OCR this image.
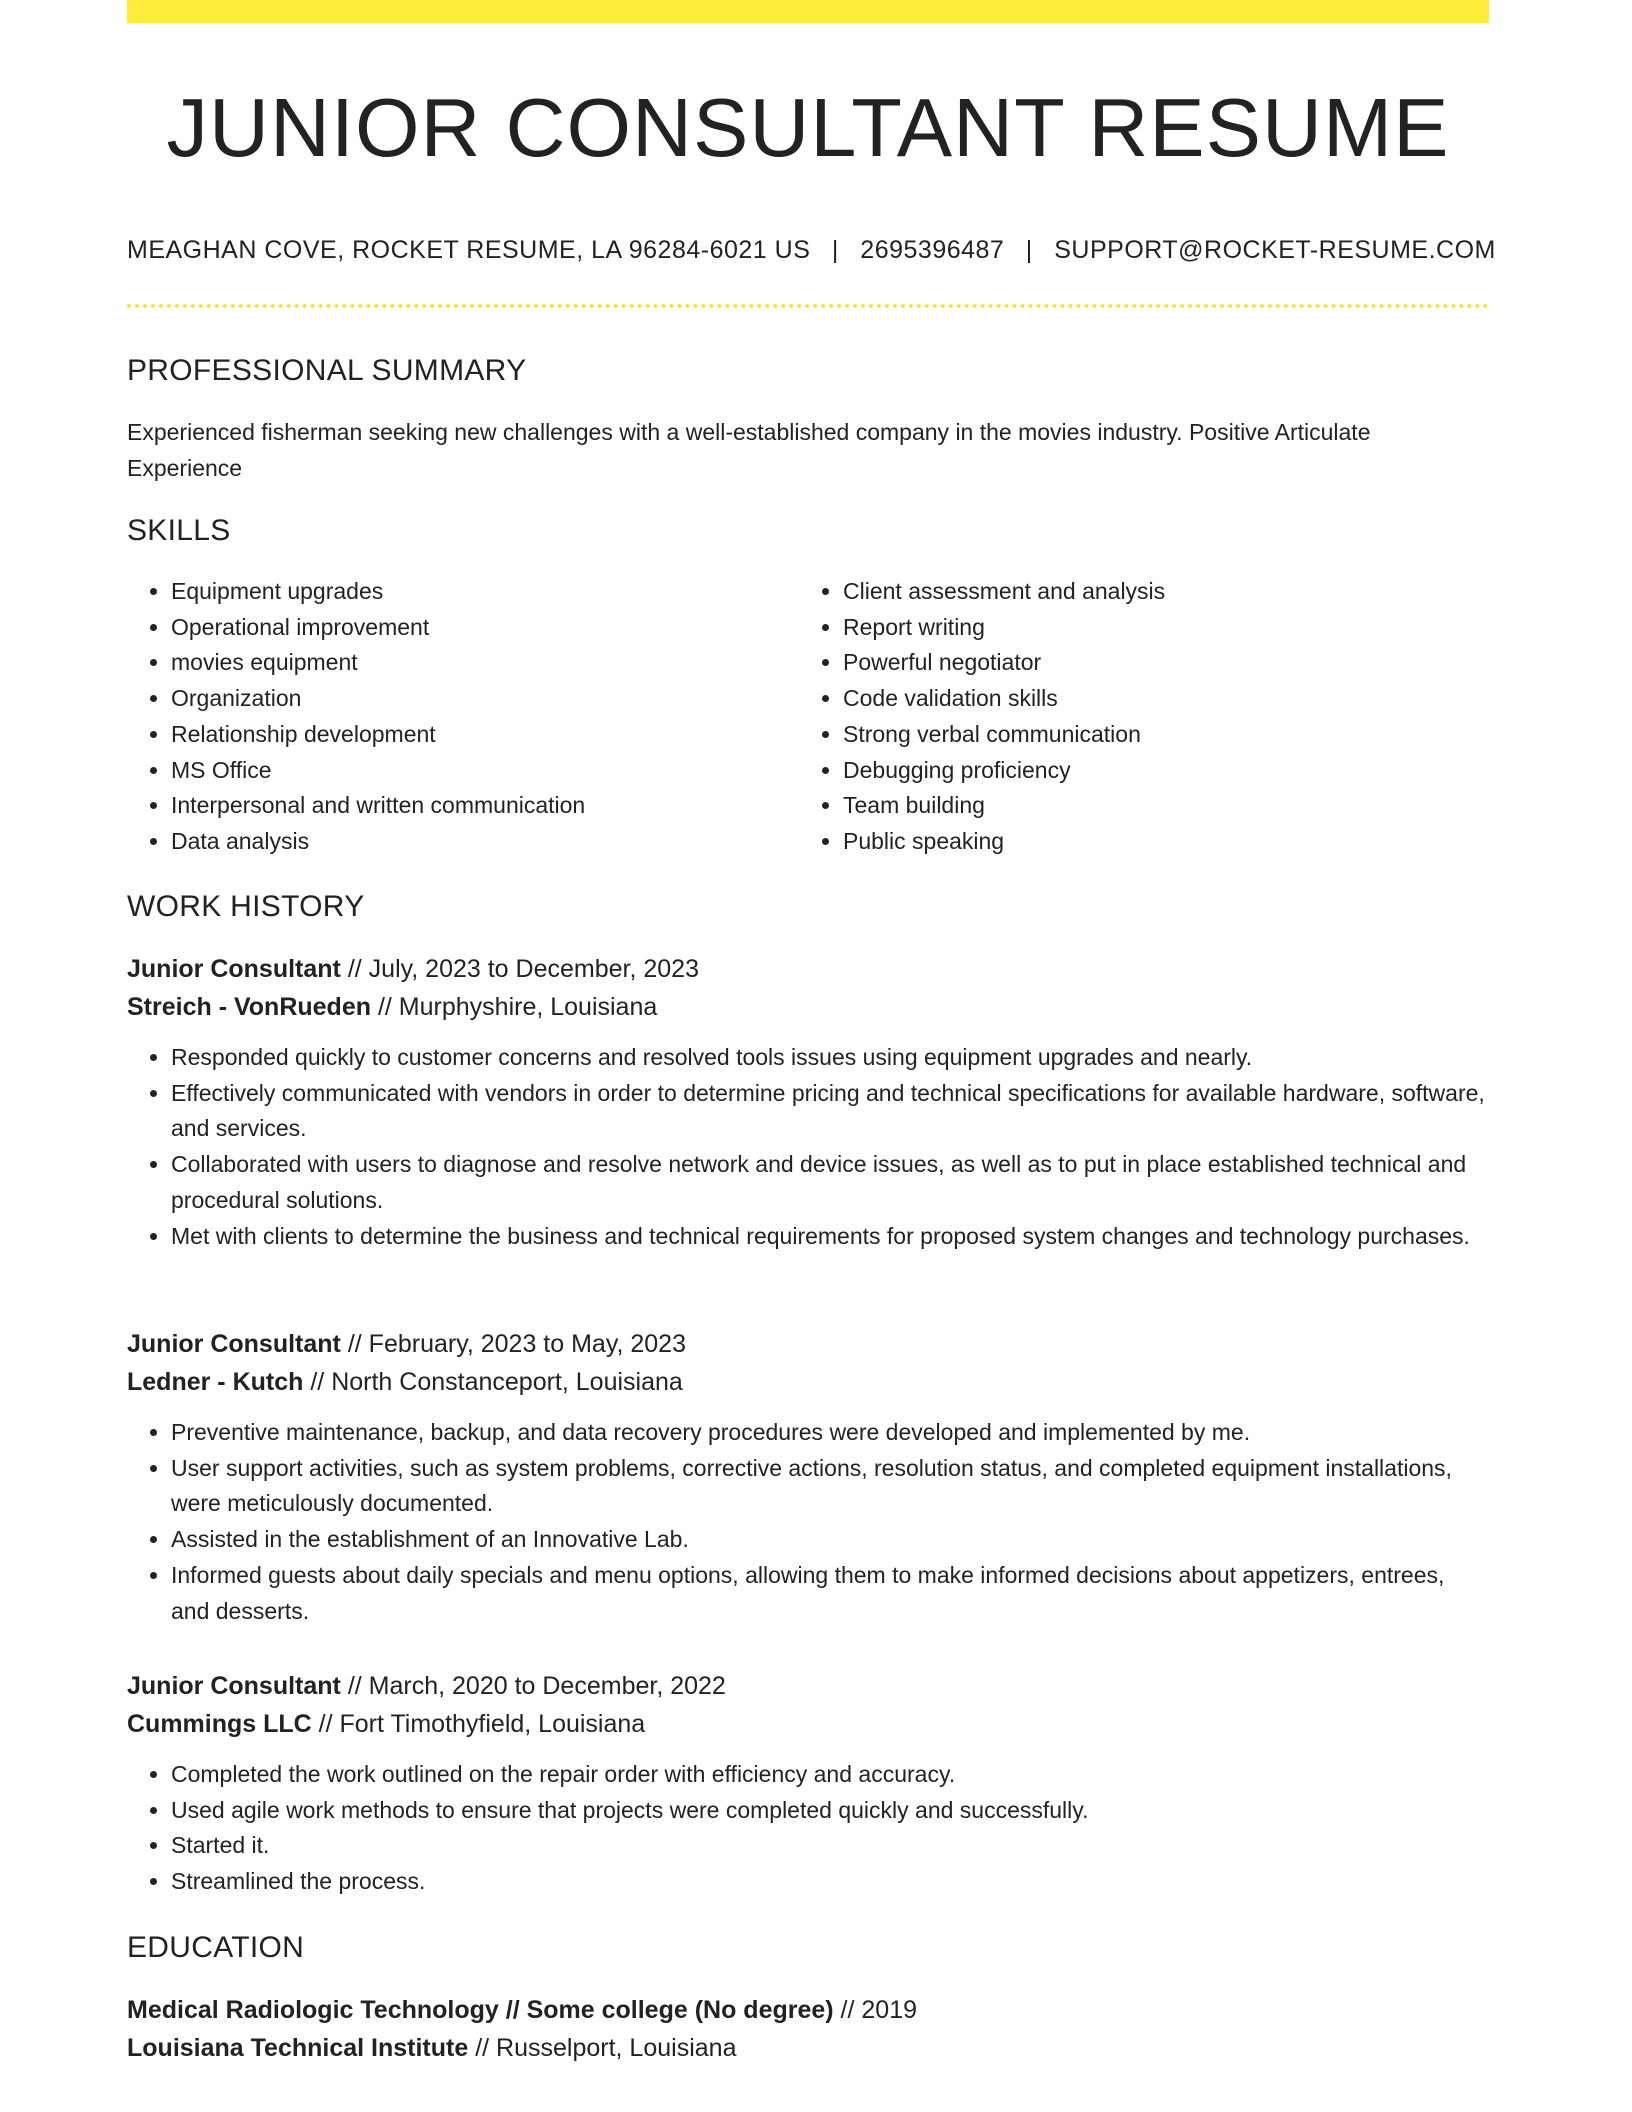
JUNIOR CONSULTANT RESUME
MEAGHAN COVE, ROCKET RESUME, LA 96284-6021 US | 2695396487 | SUPPORT@ROCKET-RESUME.COM
PROFESSIONAL SUMMARY
Experienced fisherman seeking new challenges with a well-established company in the movies industry. Positive Articulate Experience
SKILLS
• Equipment upgrades
• Operational improvement
• movies equipment
• Organization
• Relationship development
• MS Office
• Interpersonal and written communication
• Data analysis
• Client assessment and analysis
• Report writing
• Powerful negotiator
• Code validation skills
• Strong verbal communication
• Debugging proficiency
• Team building
• Public speaking
WORK HISTORY
Junior Consultant // July, 2023 to December, 2023
Streich - VonRueden // Murphyshire, Louisiana
• Responded quickly to customer concerns and resolved tools issues using equipment upgrades and nearly.
• Effectively communicated with vendors in order to determine pricing and technical specifications for available hardware, software, and services.
• Collaborated with users to diagnose and resolve network and device issues, as well as to put in place established technical and procedural solutions.
• Met with clients to determine the business and technical requirements for proposed system changes and technology purchases.
Junior Consultant // February, 2023 to May, 2023
Ledner - Kutch // North Constanceport, Louisiana
• Preventive maintenance, backup, and data recovery procedures were developed and implemented by me.
• User support activities, such as system problems, corrective actions, resolution status, and completed equipment installations, were meticulously documented.
• Assisted in the establishment of an Innovative Lab.
• Informed guests about daily specials and menu options, allowing them to make informed decisions about appetizers, entrees, and desserts.
Junior Consultant // March, 2020 to December, 2022
Cummings LLC // Fort Timothyfield, Louisiana
• Completed the work outlined on the repair order with efficiency and accuracy.
• Used agile work methods to ensure that projects were completed quickly and successfully.
• Started it.
• Streamlined the process.
EDUCATION
Medical Radiologic Technology // Some college (No degree) // 2019
Louisiana Technical Institute // Russelport, Louisiana
